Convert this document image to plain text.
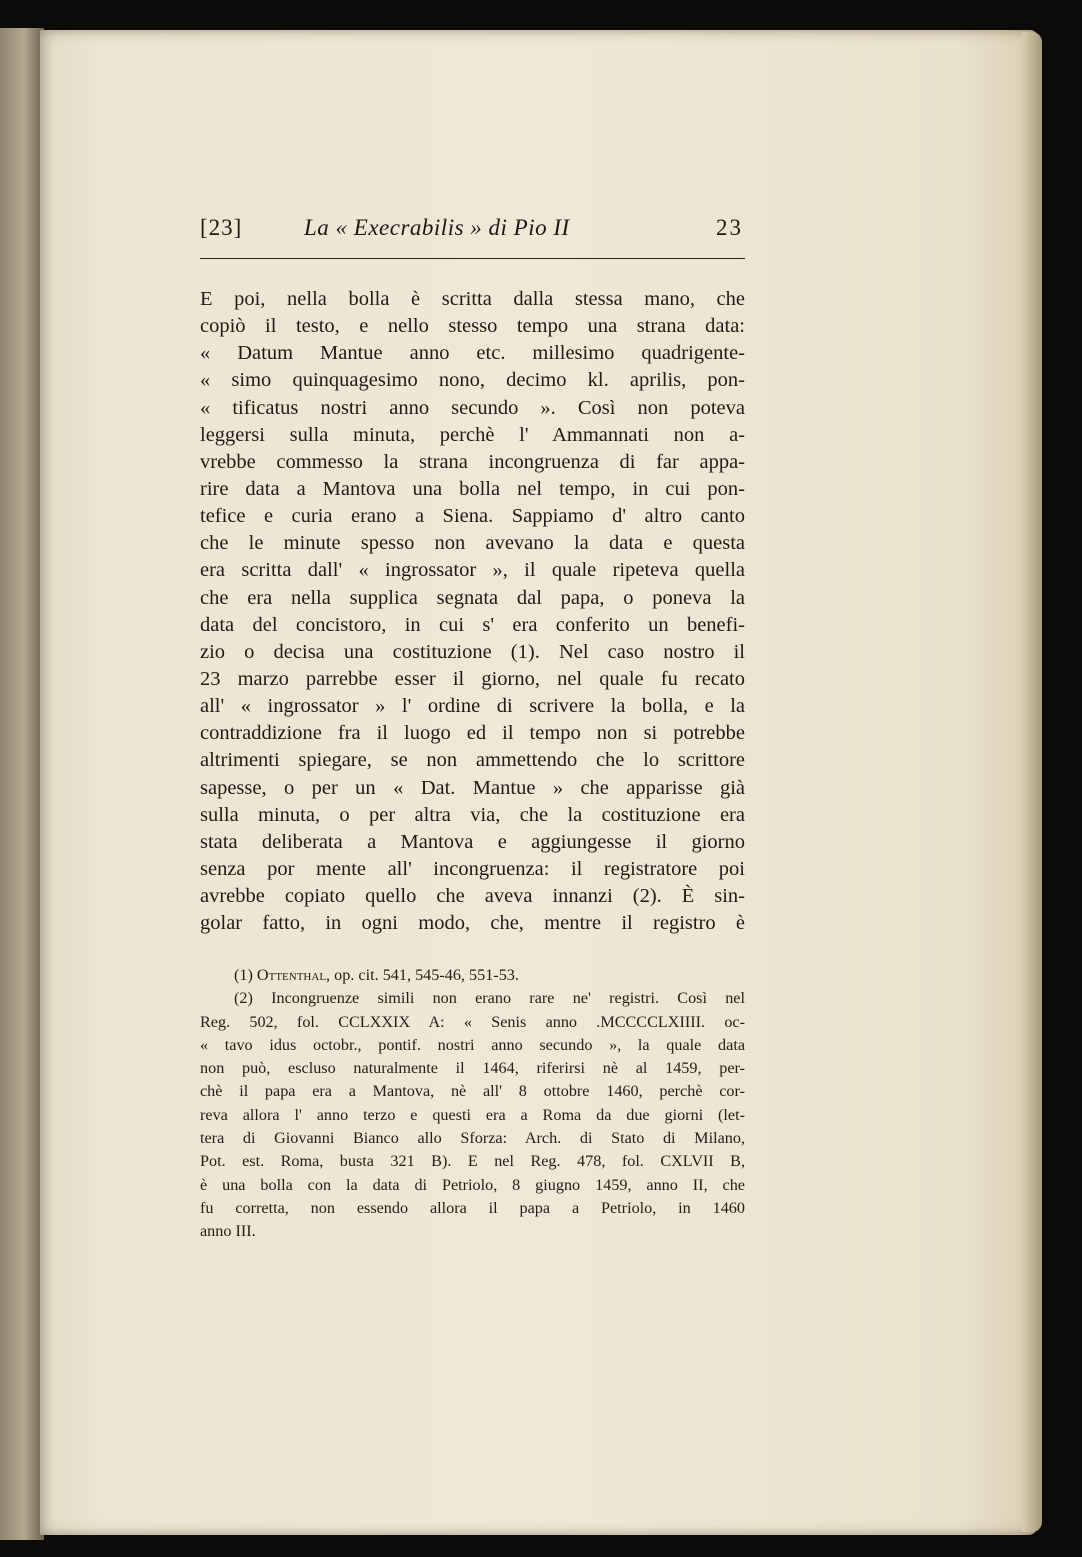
[23]	La « Execrabilis » di Pio II	23
E poi, nella bolla è scritta dalla stessa mano, che
copiò il testo, e nello stesso tempo una strana data:
« Datum Mantue anno etc. millesimo quadrigente-
« simo quinquagesimo nono, decimo kl. aprilis, pon-
« tificatus nostri anno secundo ». Così non poteva
leggersi sulla minuta, perchè l' Ammannati non a-
vrebbe commesso la strana incongruenza di far appa-
rire data a Mantova una bolla nel tempo, in cui pon-
tefice e curia erano a Siena. Sappiamo d' altro canto
che le minute spesso non avevano la data e questa
era scritta dall' « ingrossator », il quale ripeteva quella
che era nella supplica segnata dal papa, o poneva la
data del concistoro, in cui s' era conferito un benefi-
zio o decisa una costituzione (1). Nel caso nostro il
23 marzo parrebbe esser il giorno, nel quale fu recato
all' « ingrossator » l' ordine di scrivere la bolla, e la
contraddizione fra il luogo ed il tempo non si potrebbe
altrimenti spiegare, se non ammettendo che lo scrittore
sapesse, o per un « Dat. Mantue » che apparisse già
sulla minuta, o per altra via, che la costituzione era
stata deliberata a Mantova e aggiungesse il giorno
senza por mente all' incongruenza: il registratore poi
avrebbe copiato quello che aveva innanzi (2). È sin-
golar fatto, in ogni modo, che, mentre il registro è
(1) Ottenthal, op. cit. 541, 545-46, 551-53.
(2) Incongruenze simili non erano rare ne' registri. Così nel
Reg. 502, fol. CCLXXIX A: « Senis anno .MCCCCLXIIII. oc-
« tavo idus octobr., pontif. nostri anno secundo », la quale data
non può, escluso naturalmente il 1464, riferirsi nè al 1459, per-
chè il papa era a Mantova, nè all' 8 ottobre 1460, perchè cor-
reva allora l' anno terzo e questi era a Roma da due giorni (let-
tera di Giovanni Bianco allo Sforza: Arch. di Stato di Milano,
Pot. est. Roma, busta 321 B). E nel Reg. 478, fol. CXLVII B,
è una bolla con la data di Petriolo, 8 giugno 1459, anno II, che
fu corretta, non essendo allora il papa a Petriolo, in 1460
anno III.
